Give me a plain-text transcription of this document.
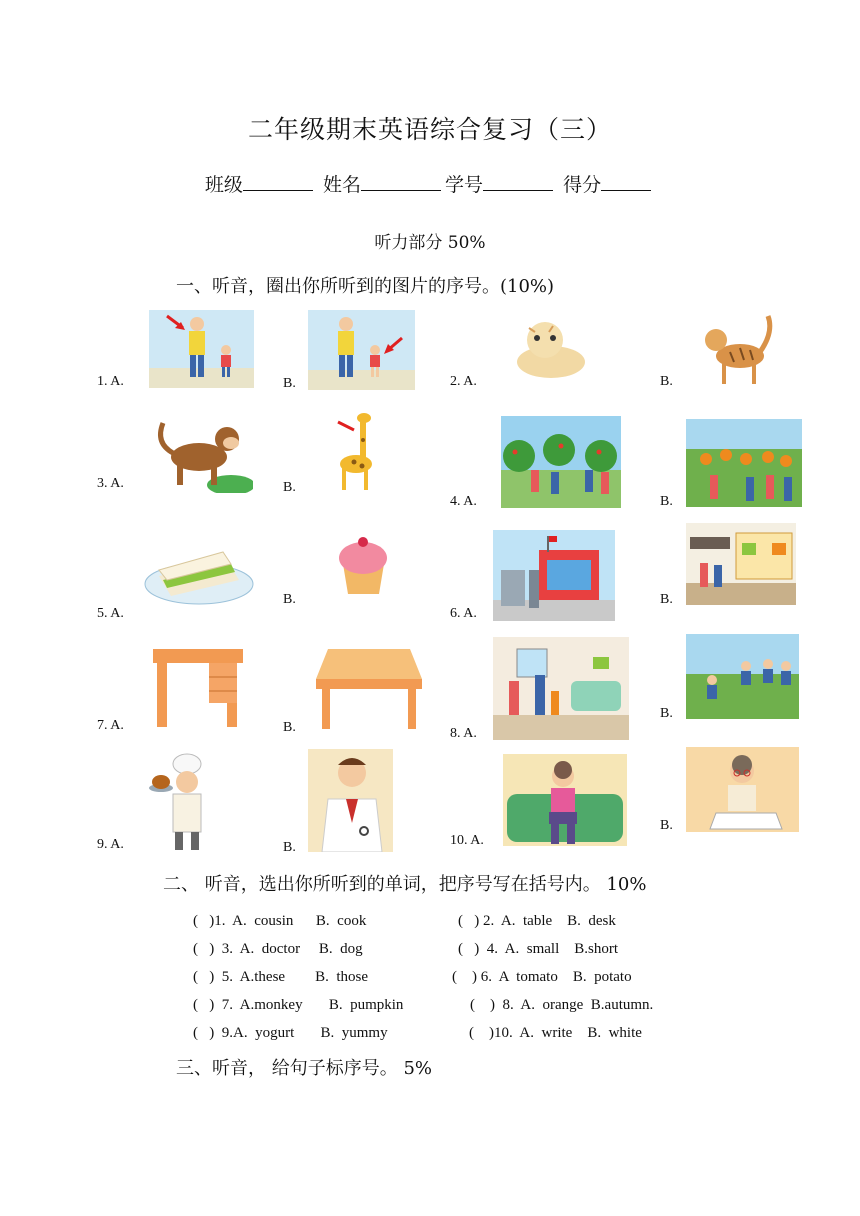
二年级期末英语综合复习（三）
班级	姓名	学号	得分
听力部分 50%
一、听音，圈出你所听到的图片的序号。(10%)
1. A.	B.	2. A.	B.
3. A.	B.
4. A.	B.
5. A.
B.
6. A.
B.
7. A.	B.	8. A.
B.
9. A.	B.	10. A.
B.
二、 听音，选出你所听到的单词，把序号写在括号内。 10%
(   )1.  A.  cousin      B.  cook	(   ) 2.  A.  table    B.  desk
(   )  3.  A.  doctor     B.  dog	(   )  4.  A.  small    B.short
(   )  5.  A.these        B.  those	(    ) 6.  A  tomato    B.  potato
(   )  7.  A.monkey       B.  pumpkin	(    )  8.  A.  orange  B.autumn.
(   )  9.A.  yogurt       B.  yummy	(    )10.  A.  write    B.  white
三、听音， 给句子标序号。 5%
